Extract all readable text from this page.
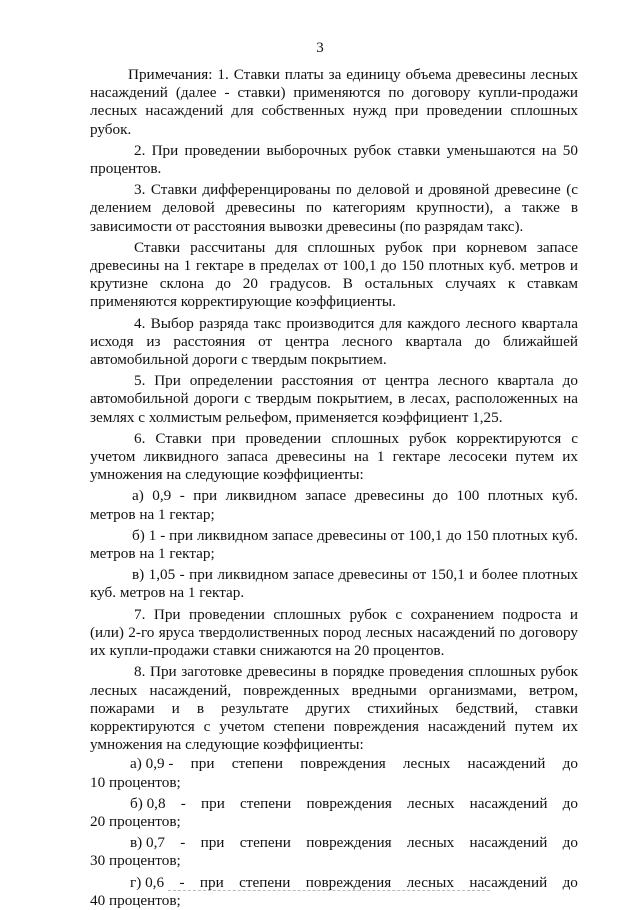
3

Примечания: 1. Ставки платы за единицу объема древесины лесных насаждений (далее - ставки) применяются по договору купли-продажи лесных насаждений для собственных нужд при проведении сплошных рубок.

2. При проведении выборочных рубок ставки уменьшаются на 50 процентов.

3. Ставки дифференцированы по деловой и дровяной древесине (с делением деловой древесины по категориям крупности), а также в зависимости от расстояния вывозки древесины (по разрядам такс).

Ставки рассчитаны для сплошных рубок при корневом запасе древесины на 1 гектаре в пределах от 100,1 до 150 плотных куб. метров и крутизне склона до 20 градусов. В остальных случаях к ставкам применяются корректирующие коэффициенты.

4. Выбор разряда такс производится для каждого лесного квартала исходя из расстояния от центра лесного квартала до ближайшей автомобильной дороги с твердым покрытием.

5. При определении расстояния от центра лесного квартала до автомобильной дороги с твердым покрытием, в лесах, расположенных на землях с холмистым рельефом, применяется коэффициент 1,25.

6. Ставки при проведении сплошных рубок корректируются с учетом ликвидного запаса древесины на 1 гектаре лесосеки путем их умножения на следующие коэффициенты:

а) 0,9 - при ликвидном запасе древесины до 100 плотных куб. метров на 1 гектар;

б) 1 - при ликвидном запасе древесины от 100,1 до 150 плотных куб. метров на 1 гектар;

в) 1,05 - при ликвидном запасе древесины от 150,1 и более плотных куб. метров на 1 гектар.

7. При проведении сплошных рубок с сохранением подроста и (или) 2-го яруса твердолиственных пород лесных насаждений по договору их купли-продажи ставки снижаются на 20 процентов.

8. При заготовке древесины в порядке проведения сплошных рубок лесных насаждений, поврежденных вредными организмами, ветром, пожарами и в результате других стихийных бедствий, ставки корректируются с учетом степени повреждения насаждений путем их умножения на следующие коэффициенты:

а) 0,9 - при степени повреждения лесных насаждений до

10 процентов;

б) 0,8 - при степени повреждения лесных насаждений до

20 процентов;

в) 0,7 - при степени повреждения лесных насаждений до

30 процентов;

г) 0,6 - при степени повреждения лесных насаждений до

40 процентов;
